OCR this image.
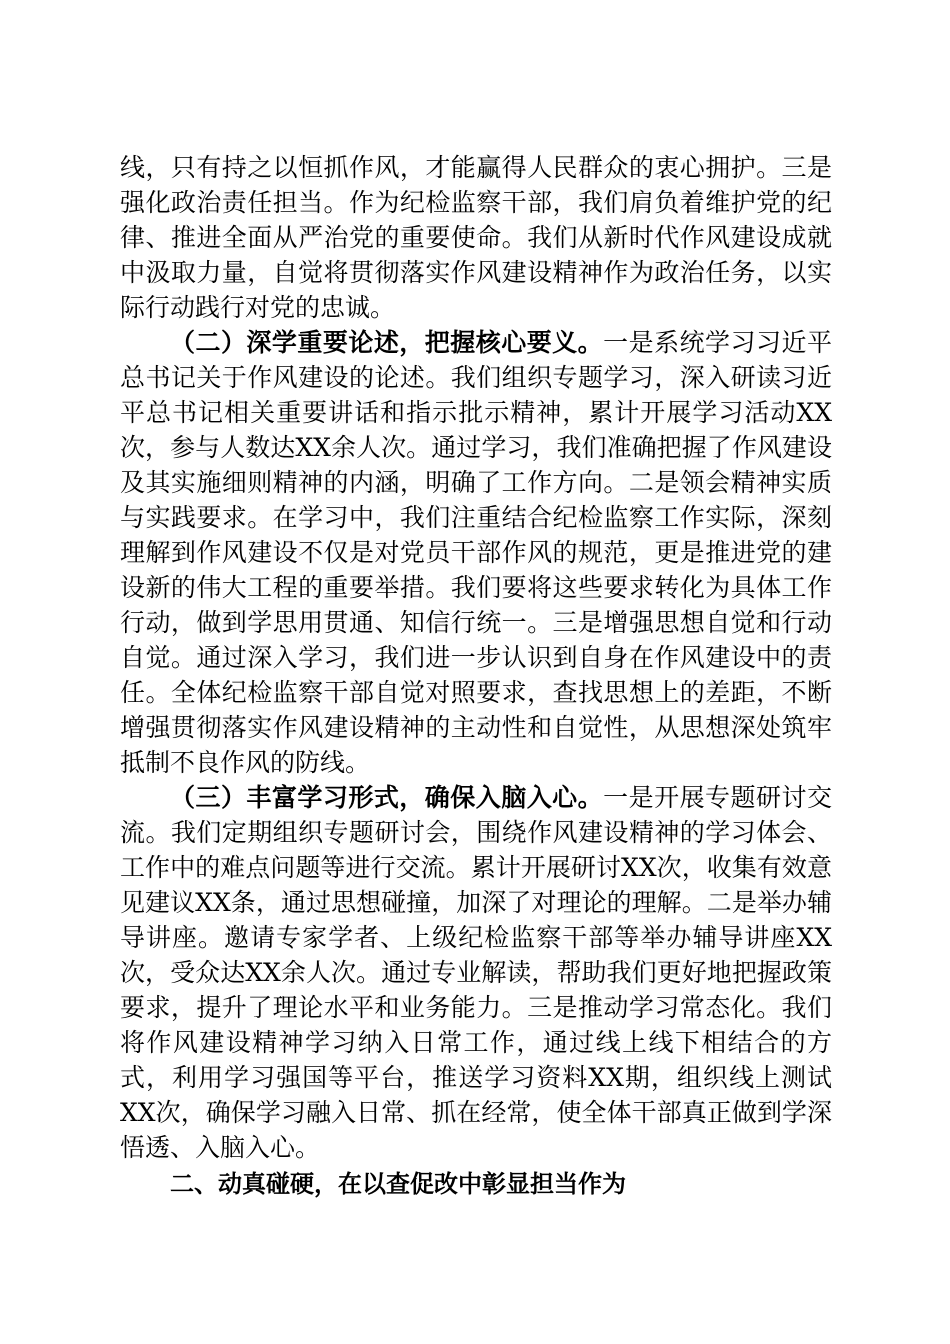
线，只有持之以恒抓作风，才能赢得人民群众的衷心拥护。三是强化政治责任担当。作为纪检监察干部，我们肩负着维护党的纪律、推进全面从严治党的重要使命。我们从新时代作风建设成就中汲取力量，自觉将贯彻落实作风建设精神作为政治任务，以实际行动践行对党的忠诚。

（二）深学重要论述，把握核心要义。一是系统学习习近平总书记关于作风建设的论述。我们组织专题学习，深入研读习近平总书记相关重要讲话和指示批示精神，累计开展学习活动XX次，参与人数达XX余人次。通过学习，我们准确把握了作风建设及其实施细则精神的内涵，明确了工作方向。二是领会精神实质与实践要求。在学习中，我们注重结合纪检监察工作实际，深刻理解到作风建设不仅是对党员干部作风的规范，更是推进党的建设新的伟大工程的重要举措。我们要将这些要求转化为具体工作行动，做到学思用贯通、知信行统一。三是增强思想自觉和行动自觉。通过深入学习，我们进一步认识到自身在作风建设中的责任。全体纪检监察干部自觉对照要求，查找思想上的差距，不断增强贯彻落实作风建设精神的主动性和自觉性，从思想深处筑牢抵制不良作风的防线。

（三）丰富学习形式，确保入脑入心。一是开展专题研讨交流。我们定期组织专题研讨会，围绕作风建设精神的学习体会、工作中的难点问题等进行交流。累计开展研讨XX次，收集有效意见建议XX条，通过思想碰撞，加深了对理论的理解。二是举办辅导讲座。邀请专家学者、上级纪检监察干部等举办辅导讲座XX次，受众达XX余人次。通过专业解读，帮助我们更好地把握政策要求，提升了理论水平和业务能力。三是推动学习常态化。我们将作风建设精神学习纳入日常工作，通过线上线下相结合的方式，利用学习强国等平台，推送学习资料XX期，组织线上测试XX次，确保学习融入日常、抓在经常，使全体干部真正做到学深悟透、入脑入心。

二、动真碰硬，在以查促改中彰显担当作为
